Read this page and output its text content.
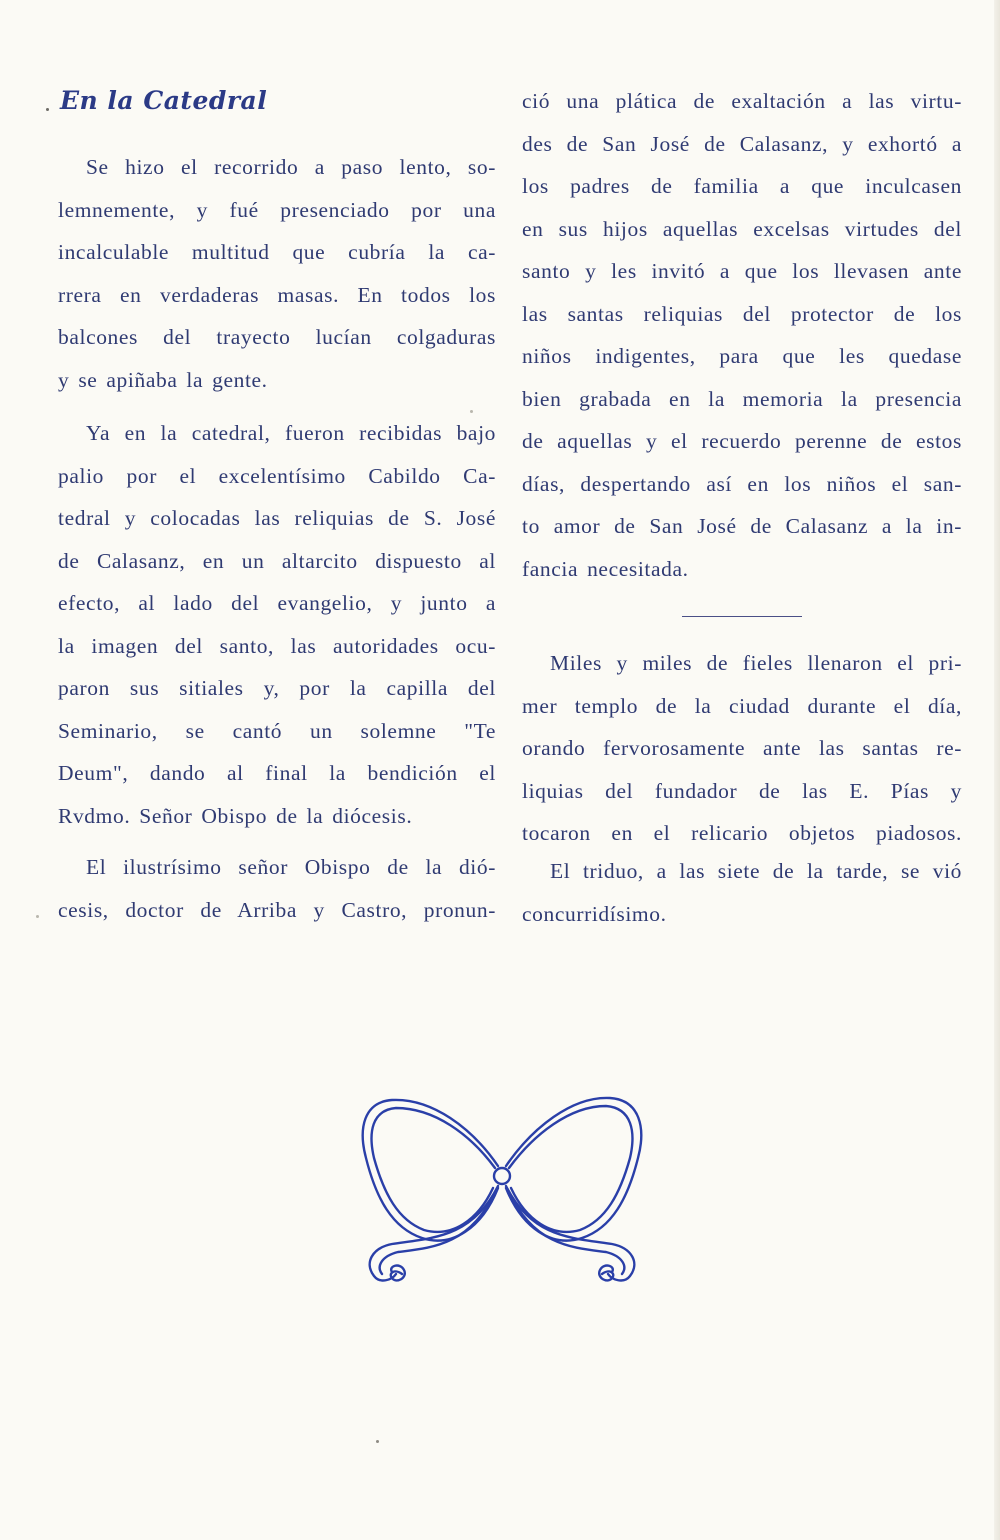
En la Catedral

Se hizo el recorrido a paso lento, so-
lemnemente, y fué presenciado por una
incalculable multitud que cubría la ca-
rrera en verdaderas masas. En todos los
balcones del trayecto lucían colgaduras
y se apiñaba la gente.

Ya en la catedral, fueron recibidas bajo
palio por el excelentísimo Cabildo Ca-
tedral y colocadas las reliquias de S. José
de Calasanz, en un altarcito dispuesto al
efecto, al lado del evangelio, y junto a
la imagen del santo, las autoridades ocu-
paron sus sitiales y, por la capilla del
Seminario, se cantó un solemne "Te
Deum", dando al final la bendición el
Rvdmo. Señor Obispo de la diócesis.

El ilustrísimo señor Obispo de la dió-
cesis, doctor de Arriba y Castro, pronun-

ció una plática de exaltación a las virtu-
des de San José de Calasanz, y exhortó a
los padres de familia a que inculcasen
en sus hijos aquellas excelsas virtudes del
santo y les invitó a que los llevasen ante
las santas reliquias del protector de los
niños indigentes, para que les quedase
bien grabada en la memoria la presencia
de aquellas y el recuerdo perenne de estos
días, despertando así en los niños el san-
to amor de San José de Calasanz a la in-
fancia necesitada.

Miles y miles de fieles llenaron el pri-
mer templo de la ciudad durante el día,
orando fervorosamente ante las santas re-
liquias del fundador de las E. Pías y
tocaron en el relicario objetos piadosos.

El triduo, a las siete de la tarde, se vió
concurridísimo.
